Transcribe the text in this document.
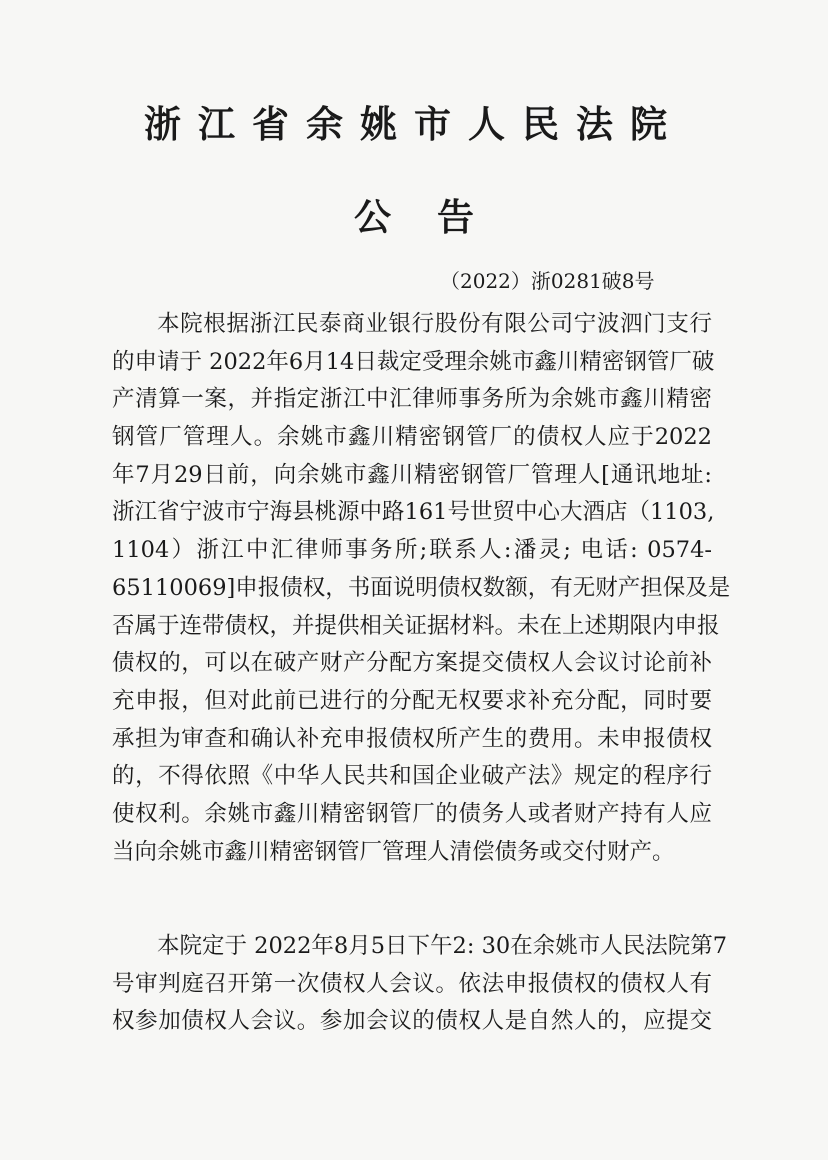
浙江省余姚市人民法院
公告
（2022）浙0281破8号
本院根据浙江民泰商业银行股份有限公司宁波泗门支行
的申请于 2022年6月14日裁定受理余姚市鑫川精密钢管厂破
产清算一案，并指定浙江中汇律师事务所为余姚市鑫川精密
钢管厂管理人。余姚市鑫川精密钢管厂的债权人应于2022
年7月29日前，向余姚市鑫川精密钢管厂管理人[通讯地址:
浙江省宁波市宁海县桃源中路161号世贸中心大酒店（1103,
1104）浙江中汇律师事务所;联系人:潘灵; 电话: 0574-
65110069]申报债权，书面说明债权数额，有无财产担保及是
否属于连带债权，并提供相关证据材料。未在上述期限内申报
债权的，可以在破产财产分配方案提交债权人会议讨论前补
充申报，但对此前已进行的分配无权要求补充分配，同时要
承担为审查和确认补充申报债权所产生的费用。未申报债权
的，不得依照《中华人民共和国企业破产法》规定的程序行
使权利。余姚市鑫川精密钢管厂的债务人或者财产持有人应
当向余姚市鑫川精密钢管厂管理人清偿债务或交付财产。
本院定于 2022年8月5日下午2: 30在余姚市人民法院第7
号审判庭召开第一次债权人会议。依法申报债权的债权人有
权参加债权人会议。参加会议的债权人是自然人的，应提交
